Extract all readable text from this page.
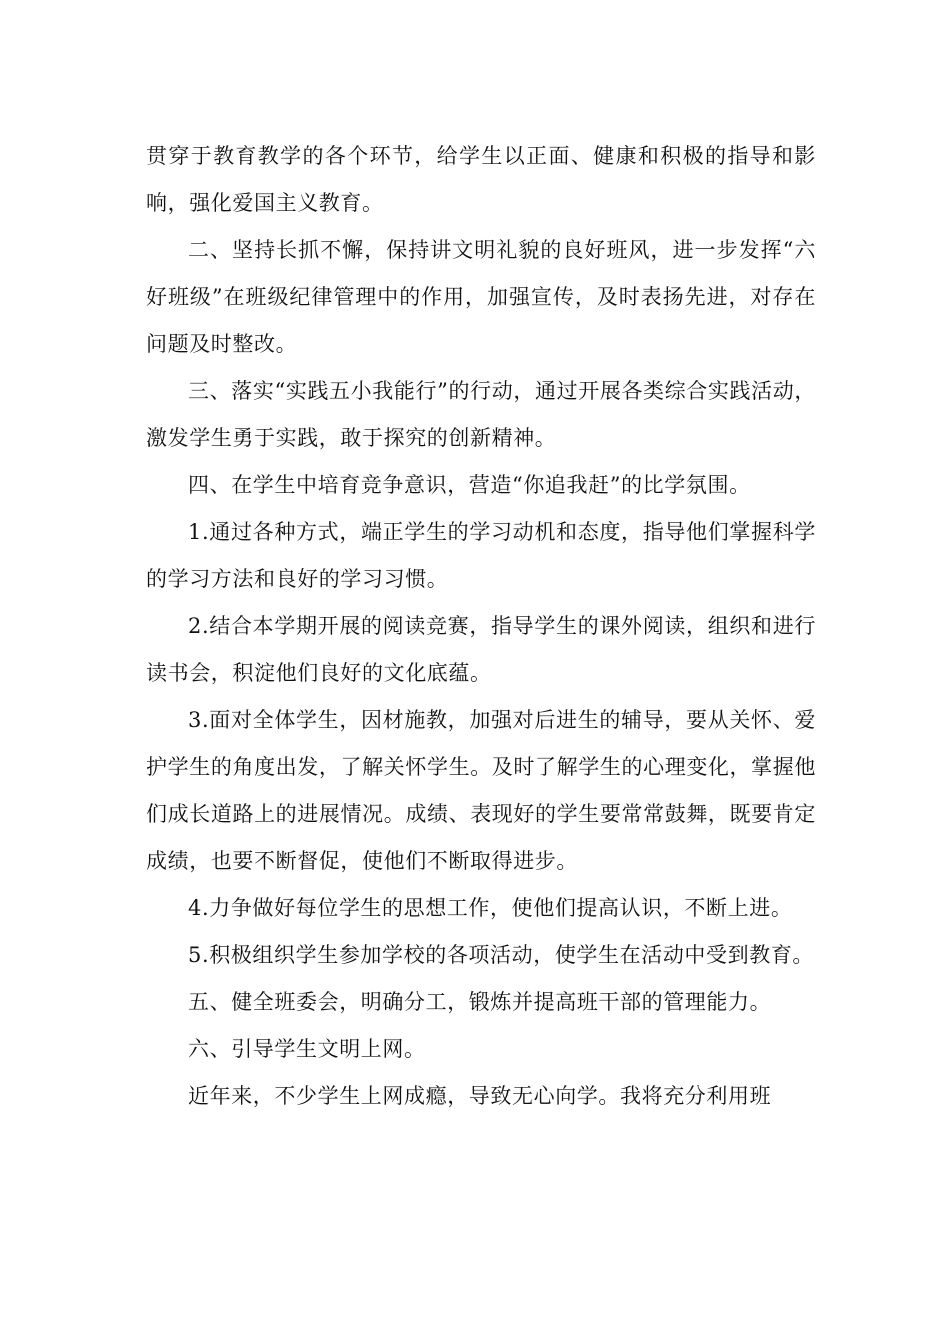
贯穿于教育教学的各个环节，给学生以正面、健康和积极的指导和影响，强化爱国主义教育。

二、坚持长抓不懈，保持讲文明礼貌的良好班风，进一步发挥“六好班级”在班级纪律管理中的作用，加强宣传，及时表扬先进，对存在问题及时整改。

三、落实“实践五小我能行”的行动，通过开展各类综合实践活动，激发学生勇于实践，敢于探究的创新精神。

四、在学生中培育竞争意识，营造“你追我赶”的比学氛围。

1.通过各种方式，端正学生的学习动机和态度，指导他们掌握科学的学习方法和良好的学习习惯。

2.结合本学期开展的阅读竞赛，指导学生的课外阅读，组织和进行读书会，积淀他们良好的文化底蕴。

3.面对全体学生，因材施教，加强对后进生的辅导，要从关怀、爱护学生的角度出发，了解关怀学生。及时了解学生的心理变化，掌握他们成长道路上的进展情况。成绩、表现好的学生要常常鼓舞，既要肯定成绩，也要不断督促，使他们不断取得进步。

4.力争做好每位学生的思想工作，使他们提高认识，不断上进。

5.积极组织学生参加学校的各项活动，使学生在活动中受到教育。

五、健全班委会，明确分工，锻炼并提高班干部的管理能力。

六、引导学生文明上网。

近年来，不少学生上网成瘾，导致无心向学。我将充分利用班
